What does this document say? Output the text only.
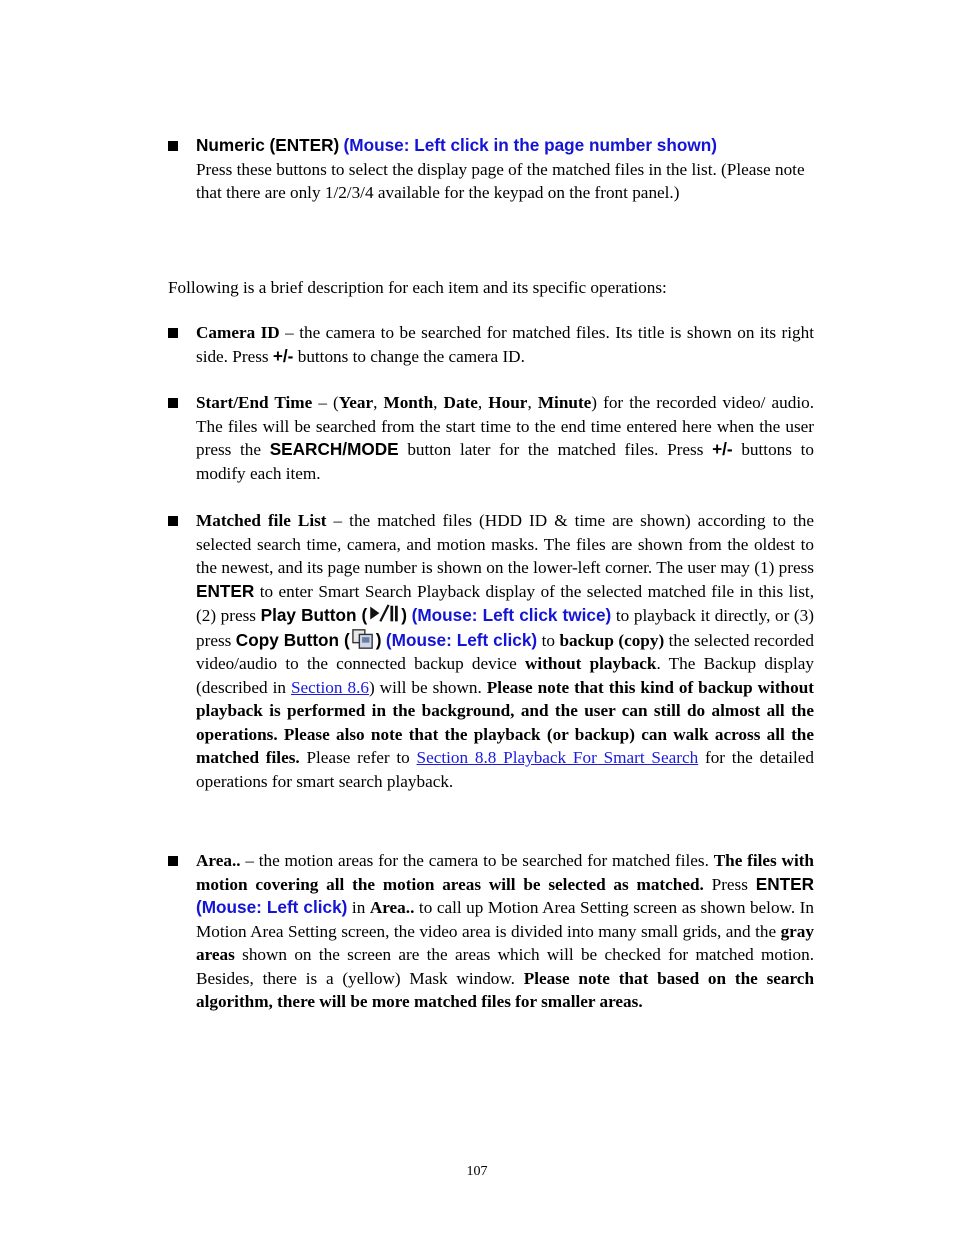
Numeric (ENTER) (Mouse: Left click in the page number shown)
Press these buttons to select the display page of the matched files in the list. (Please note that there are only 1/2/3/4 available for the keypad on the front panel.)
Following is a brief description for each item and its specific operations:
Camera ID – the camera to be searched for matched files. Its title is shown on its right side. Press +/- buttons to change the camera ID.
Start/End Time – (Year, Month, Date, Hour, Minute) for the recorded video/ audio. The files will be searched from the start time to the end time entered here when the user press the SEARCH/MODE button later for the matched files. Press +/- buttons to modify each item.
Matched file List – the matched files (HDD ID & time are shown) according to the selected search time, camera, and motion masks. The files are shown from the oldest to the newest, and its page number is shown on the lower-left corner. The user may (1) press ENTER to enter Smart Search Playback display of the selected matched file in this list, (2) press Play Button ( ) (Mouse: Left click twice) to playback it directly, or (3) press Copy Button ( ) (Mouse: Left click) to backup (copy) the selected recorded video/audio to the connected backup device without playback. The Backup display (described in Section 8.6) will be shown. Please note that this kind of backup without playback is performed in the background, and the user can still do almost all the operations. Please also note that the playback (or backup) can walk across all the matched files. Please refer to Section 8.8 Playback For Smart Search for the detailed operations for smart search playback.
Area.. – the motion areas for the camera to be searched for matched files. The files with motion covering all the motion areas will be selected as matched. Press ENTER (Mouse: Left click) in Area.. to call up Motion Area Setting screen as shown below. In Motion Area Setting screen, the video area is divided into many small grids, and the gray areas shown on the screen are the areas which will be checked for matched motion. Besides, there is a (yellow) Mask window. Please note that based on the search algorithm, there will be more matched files for smaller areas.
107
